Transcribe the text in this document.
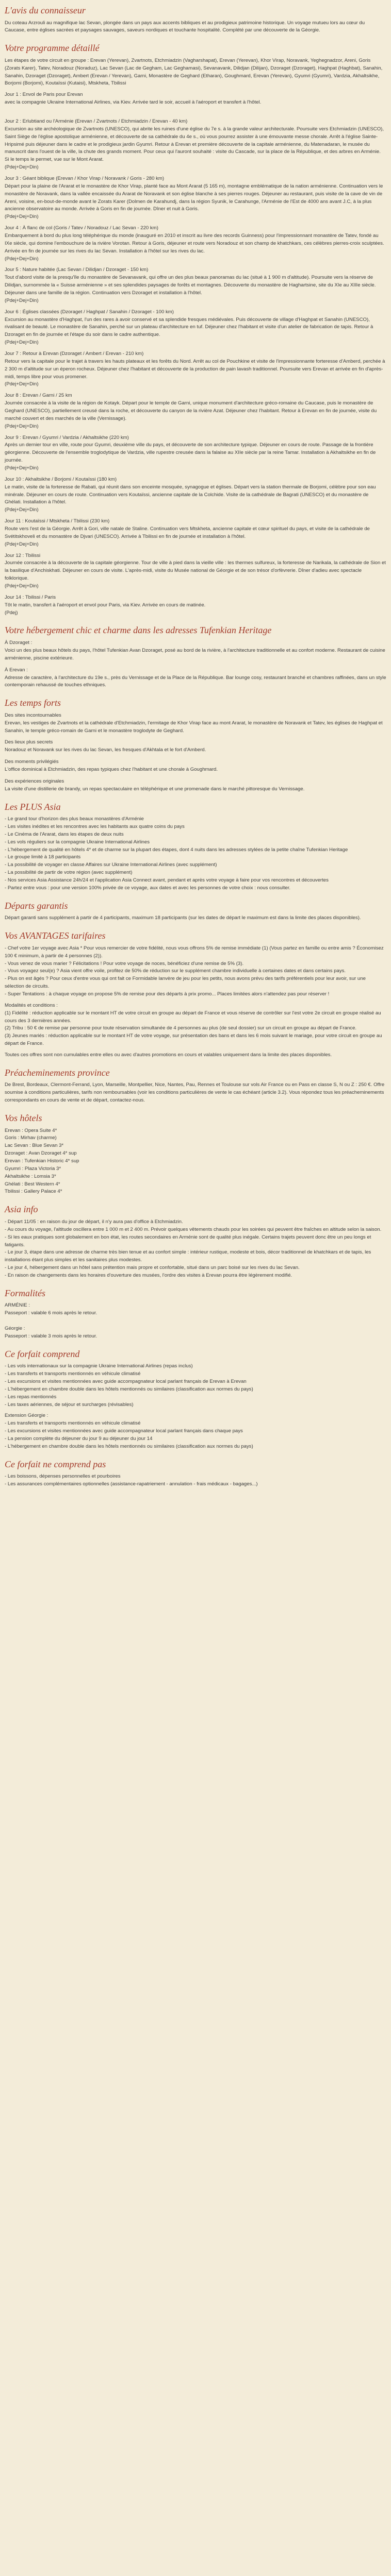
L'avis du connaisseur

Du coteau Arzrouli au magnifique lac Sevan, plongée dans un pays aux accents bibliques et au prodigieux patrimoine historique. Un voyage mutueu lors au cœur du Caucase, entre églises sacrées et paysages sauvages, saveurs nordiques et touchante hospitalité. Complété par une découverte de la Géorgie.

Votre programme détaillé

Les étapes de votre circuit en groupe : Erevan (Yerevan), Zvartnots, Etchmiadzin (Vagharshapat), Erevan (Yerevan), Khor Virap, Noravank, Yeghegnadzor, Areni, Goris (Zorats Karer), Tatev, Noradouz (Noraduz), Lac Sevan (Lac de Gegham, Lac Geghamasi), Sevanavank, Dilidjan (Dilijan), Dzoraget (Dzoraget), Haghpat (Haghbat), Sanahin, Sanahin, Dzoraget (Dzoraget), Ambert (Erevan / Yerevan), Garni, Monastère de Geghard (Etharan), Goughmard, Erevan (Yerevan), Gyumri (Gyumri), Vardzia, Akhaltsikhe, Borjomi (Borjomi), Koutaïssi (Kutaisi), Mtskheta, Tbilissi

Jour 1 : Envol de Paris pour Erevan

avec la compagnie Ukraine International Airlines, via Kiev. Arrivée tard le soir, accueil à l'aéroport et transfert à l'hôtel.

Jour 2 : Erlubtiand ou l'Arménie (Erevan / Zvartnots / Etchmiadzin / Erevan - 40 km)

Excursion au site archéologique de Zvartnots (UNESCO), qui abrite les ruines d'une église du 7e s. à la grande valeur architecturale. Poursuite vers Etchmiadzin (UNESCO), Saint Siège de l'église apostolique arménienne, et découverte de sa cathédrale du 4e s., où vous pourrez assister à une émouvante messe chorale. Arrêt à l'église Sainte-Hripsimé puis déjeuner dans le cadre et le prodigieux jardin Gyumri. Retour à Erevan et première découverte de la capitale arménienne, du Matenadaran, le musée du manuscrit dans l'ouest de la ville, la chute des grands moment. Pour ceux qui l'auront souhaité : visite du Cascade, sur la place de la République, et des arbres en Arménie. Si le temps le permet, vue sur le Mont Ararat.

(Pdej+Dej+Din)

Jour 3 : Géant biblique (Erevan / Khor Virap / Noravank / Goris - 280 km)

Départ pour la plaine de l'Ararat et le monastère de Khor Virap, planté face au Mont Ararat (5 165 m), montagne emblématique de la nation arménienne. Continuation vers le monastère de Noravank, dans la vallée encaissée du Ararat de Noravank et son église blanche à ses pierres rouges. Déjeuner au restaurant, puis visite de la cave de vin de Areni, voisine, en-bout-de-monde avant le Zorats Karer (Dolmen de Karahundj, dans la région Syunik, le Carahunge, l'Arménie de l'Est de 4000 ans avant J.C, à la plus ancienne observatoire au monde. Arrivée à Goris en fin de journée. Dîner et nuit à Goris.

(Pdej+Dej+Din)

Jour 4 : À flanc de col (Goris / Tatev / Noradouz / Lac Sevan - 220 km)

Embarquement à bord du plus long téléphérique du monde (inauguré en 2010 et inscrit au livre des records Guinness) pour l'impressionnant monastère de Tatev, fondé au IXe siècle, qui domine l'embouchure de la rivière Vorotan. Retour à Goris, déjeuner et route vers Noradouz et son champ de khatchkars, ces célèbres pierres-croix sculptées. Arrivée en fin de journée sur les rives du lac Sevan. Installation à l'hôtel sur les rives du lac.

(Pdej+Dej+Din)

Jour 5 : Nature habitée (Lac Sevan / Dilidjan / Dzoraget - 150 km)

Tout d'abord visite de la presqu'île du monastère de Sevanavank, qui offre un des plus beaux panoramas du lac (situé à 1 900 m d'altitude). Poursuite vers la réserve de Dilidjan, surnommée la « Suisse arménienne » et ses splendides paysages de forêts et montagnes. Découverte du monastère de Haghartsine, site du XIe au XIIIe siècle. Déjeuner dans une famille de la région. Continuation vers Dzoraget et installation à l'hôtel.

(Pdej+Dej+Din)

Jour 6 : Églises classées (Dzoraget / Haghpat / Sanahin / Dzoraget - 100 km)

Excursion au monastère d'Haghpat, l'un des rares à avoir conservé et sa splendide fresques médiévales. Puis découverte de village d'Haghpat et Sanahin (UNESCO), rivalisant de beauté. Le monastère de Sanahin, perché sur un plateau d'architecture en tuf. Déjeuner chez l'habitant et visite d'un atelier de fabrication de tapis. Retour à Dzoraget en fin de journée et l'étape du soir dans le cadre authentique.

(Pdej+Dej+Din)

Jour 7 : Retour à Erevan (Dzoraget / Ambert / Erevan - 210 km)

Retour vers la capitale pour le trajet à travers les hauts plateaux et les forêts du Nord. Arrêt au col de Pouchkine et visite de l'impressionnante forteresse d'Amberd, perchée à 2 300 m d'altitude sur un éperon rocheux. Déjeuner chez l'habitant et découverte de la production de pain lavash traditionnel. Poursuite vers Erevan et arrivée en fin d'après-midi, temps libre pour vous promener.

(Pdej+Dej+Din)

Jour 8 : Erevan / Garni / 25 km

Journée consacrée à la visite de la région de Kotayk. Départ pour le temple de Garni, unique monument d'architecture gréco-romaine du Caucase, puis le monastère de Geghard (UNESCO), partiellement creusé dans la roche, et découverte du canyon de la rivière Azat. Déjeuner chez l'habitant. Retour à Erevan en fin de journée, visite du marché couvert et des marchés de la ville (Vernissage).

(Pdej+Dej+Din)

Jour 9 : Erevan / Gyumri / Vardzia / Akhaltsikhe (220 km)

Après un dernier tour en ville, route pour Gyumri, deuxième ville du pays, et découverte de son architecture typique. Déjeuner en cours de route. Passage de la frontière géorgienne. Découverte de l'ensemble troglodytique de Vardzia, ville rupestre creusée dans la falaise au XIIe siècle par la reine Tamar. Installation à Akhaltsikhe en fin de journée.

(Pdej+Dej+Din)

Jour 10 : Akhaltsikhe / Borjomi / Koutaïssi (180 km)

Le matin, visite de la forteresse de Rabati, qui réunit dans son enceinte mosquée, synagogue et églises. Départ vers la station thermale de Borjomi, célèbre pour son eau minérale. Déjeuner en cours de route. Continuation vers Koutaïssi, ancienne capitale de la Colchide. Visite de la cathédrale de Bagrati (UNESCO) et du monastère de Ghélati. Installation à l'hôtel.

(Pdej+Dej+Din)

Jour 11 : Koutaïssi / Mtskheta / Tbilissi (230 km)

Route vers l'est de la Géorgie. Arrêt à Gori, ville natale de Staline. Continuation vers Mtskheta, ancienne capitale et cœur spirituel du pays, et visite de la cathédrale de Svétitskhoveli et du monastère de Djvari (UNESCO). Arrivée à Tbilissi en fin de journée et installation à l'hôtel.

(Pdej+Dej+Din)

Jour 12 : Tbilissi

Journée consacrée à la découverte de la capitale géorgienne. Tour de ville à pied dans la vieille ville : les thermes sulfureux, la forteresse de Narikala, la cathédrale de Sion et la basilique d'Anchiskhati. Déjeuner en cours de visite. L'après-midi, visite du Musée national de Géorgie et de son trésor d'orfèvrerie. Dîner d'adieu avec spectacle folklorique.

(Pdej+Dej+Din)

Jour 14 : Tbilissi / Paris

Tôt le matin, transfert à l'aéroport et envol pour Paris, via Kiev. Arrivée en cours de matinée.

(Pdej)

Votre hébergement chic et charme dans les adresses Tufenkian Heritage

À Dzoraget :

Voici un des plus beaux hôtels du pays, l'hôtel Tufenkian Avan Dzoraget, posé au bord de la rivière, à l'architecture traditionnelle et au confort moderne. Restaurant de cuisine arménienne, piscine extérieure.

À Erevan :

Adresse de caractère, à l'architecture du 19e s., près du Vernissage et de la Place de la République. Bar lounge cosy, restaurant branché et chambres raffinées, dans un style contemporain rehaussé de touches ethniques.

Les temps forts

Des sites incontournables

Erevan, les vestiges de Zvartnots et la cathédrale d'Etchmiadzin, l'ermitage de Khor Virap face au mont Ararat, le monastère de Noravank et Tatev, les églises de Haghpat et Sanahin, le temple gréco-romain de Garni et le monastère troglodyte de Geghard.

Des lieux plus secrets

Noradouz et Noravank sur les rives du lac Sevan, les fresques d'Akhtala et le fort d'Amberd.

Des moments privilégiés

L'office dominical à Etchmiadzin, des repas typiques chez l'habitant et une chorale à Goughmard.

Des expériences originales

La visite d'une distillerie de brandy, un repas spectaculaire en téléphérique et une promenade dans le marché pittoresque du Vernissage.

Les PLUS Asia

- Le grand tour d'horizon des plus beaux monastères d'Arménie

- Les visites inédites et les rencontres avec les habitants aux quatre coins du pays

- Le Cinéma de l'Ararat, dans les étapes de deux nuits

- Les vols réguliers sur la compagnie Ukraine International Airlines

- L'hébergement de qualité en hôtels 4* et de charme sur la plupart des étapes, dont 4 nuits dans les adresses stylées de la petite chaîne Tufenkian Heritage

- Le groupe limité à 18 participants

- La possibilité de voyager en classe Affaires sur Ukraine International Airlines (avec supplément)

- La possibilité de partir de votre région (avec supplément)

- Nos services Asia Assistance 24h/24 et l'application Asia Connect avant, pendant et après votre voyage à faire pour vos rencontres et découvertes

- Partez entre vous : pour une version 100% privée de ce voyage, aux dates et avec les personnes de votre choix : nous consulter.

Départs garantis

Départ garanti sans supplément à partir de 4 participants, maximum 18 participants (sur les dates de départ le maximum est dans la limite des places disponibles).

Vos AVANTAGES tarifaires

- Chef votre 1er voyage avec Asia * Pour vous remercier de votre fidélité, nous vous offrons 5% de remise immédiate (1) (Vous partez en famille ou entre amis ? Économisez 100 € minimum, à partir de 4 personnes (2)).

- Vous venez de vous marier ? Félicitations ! Pour votre voyage de noces, bénéficiez d'une remise de 5% (3).

- Vous voyagez seul(e) ? Asia vient offre voile, profitez de 50% de réduction sur le supplément chambre individuelle à certaines dates et dans certains pays.

- Plus on est âgés ? Pour ceux d'entre vous qui ont fait ce Formidable lanvère de jeu pour les petits, nous avons prévu des tarifs préférentiels pour leur avoir, sur une sélection de circuits.

- Super Tentations : à chaque voyage on propose 5% de remise pour des départs à prix promo... Places limitées alors n'attendez pas pour réserver !

Modalités et conditions :

(1) Fidélité : réduction applicable sur le montant HT de votre circuit en groupe au départ de France et vous réserve de contrôler sur l'est votre 2e circuit en groupe réalisé au cours des 3 dernières années.

(2) Tribu : 50 € de remise par personne pour toute réservation simultanée de 4 personnes au plus (de seul dossier) sur un circuit en groupe au départ de France.

(3) Jeunes mariés : réduction applicable sur le montant HT de votre voyage, sur présentation des bans et dans les 6 mois suivant le mariage, pour votre circuit en groupe au départ de France.

Toutes ces offres sont non cumulables entre elles ou avec d'autres promotions en cours et valables uniquement dans la limite des places disponibles.

Préacheminements province

De Brest, Bordeaux, Clermont-Ferrand, Lyon, Marseille, Montpellier, Nice, Nantes, Pau, Rennes et Toulouse sur vols Air France ou en Pass en classe S, N ou Z : 250 €. Offre soumise à conditions particulières, tarifs non remboursables (voir les conditions particulières de vente le cas échéant (article 3.2). Vous répondez tous les préacheminements correspondants en cours de vente et de départ, contactez-nous.

Vos hôtels

Erevan : Opera Suite 4*

Goris : Mirhav (charme)

Lac Sevan : Blue Sevan 3*

Dzoraget : Avan Dzoraget 4* sup

Erevan : Tufenkian Historic 4* sup

Gyumri : Plaza Victoria 3*

Akhaltsikhe : Lomsia 3*

Ghélati : Best Western 4*

Tbilissi : Gallery Palace 4*

Asia info

- Départ 11/05 : en raison du jour de départ, il n'y aura pas d'office à Etchmiadzin.

- Au cours du voyage, l'altitude oscillera entre 1 000 m et 2 400 m. Prévoir quelques vêtements chauds pour les soirées qui peuvent être fraîches en altitude selon la saison.

- Si les eaux pratiques sont globalement en bon état, les routes secondaires en Arménie sont de qualité plus inégale. Certains trajets peuvent donc être un peu longs et fatigants.

- Le jour 3, étape dans une adresse de charme très bien tenue et au confort simple : intérieur rustique, modeste et bois, décor traditionnel de khatchkars et de tapis, les installations étant plus simples et les sanitaires plus modestes.

- Le jour 4, hébergement dans un hôtel sans prétention mais propre et confortable, situé dans un parc boisé sur les rives du lac Sevan.

- En raison de changements dans les horaires d'ouverture des musées, l'ordre des visites à Erevan pourra être légèrement modifié.

Formalités

ARMÉNIE :

Passeport : valable 6 mois après le retour.

Géorgie :

Passeport : valable 3 mois après le retour.

Ce forfait comprend

- Les vols internationaux sur la compagnie Ukraine International Airlines (repas inclus)

- Les transferts et transports mentionnés en véhicule climatisé

- Les excursions et visites mentionnées avec guide accompagnateur local parlant français de Erevan à Erevan

- L'hébergement en chambre double dans les hôtels mentionnés ou similaires (classification aux normes du pays)

- Les repas mentionnés

- Les taxes aériennes, de séjour et surcharges (révisables)

Extension Géorgie :

- Les transferts et transports mentionnés en véhicule climatisé

- Les excursions et visites mentionnées avec guide accompagnateur local parlant français dans chaque pays

- La pension complète du déjeuner du jour 9 au déjeuner du jour 14

- L'hébergement en chambre double dans les hôtels mentionnés ou similaires (classification aux normes du pays)

Ce forfait ne comprend pas

- Les boissons, dépenses personnelles et pourboires
- Les assurances complémentaires optionnelles (assistance-rapatriement - annulation - frais médicaux - bagages...)
